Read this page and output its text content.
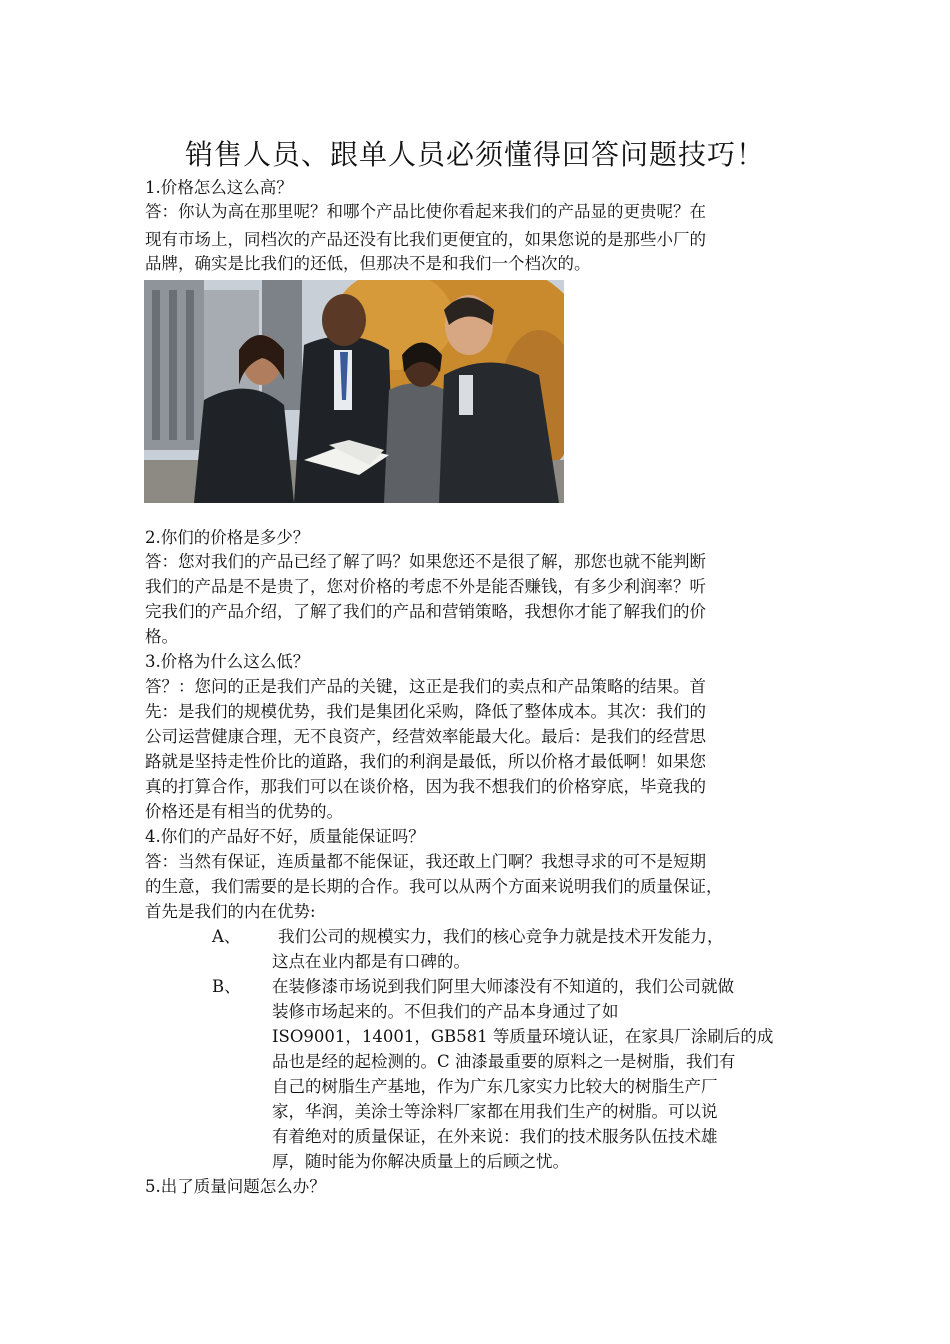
销售人员、跟单人员必须懂得回答问题技巧！
1.价格怎么这么高？
答：你认为高在那里呢？和哪个产品比使你看起来我们的产品显的更贵呢？在
现有市场上，同档次的产品还没有比我们更便宜的，如果您说的是那些小厂的
品牌，确实是比我们的还低，但那决不是和我们一个档次的。
2.你们的价格是多少？
答：您对我们的产品已经了解了吗？如果您还不是很了解，那您也就不能判断
我们的产品是不是贵了，您对价格的考虑不外是能否赚钱，有多少利润率？听
完我们的产品介绍，了解了我们的产品和营销策略，我想你才能了解我们的价
格。
3.价格为什么这么低？
答？：您问的正是我们产品的关键，这正是我们的卖点和产品策略的结果。首
先：是我们的规模优势，我们是集团化采购，降低了整体成本。其次：我们的
公司运营健康合理，无不良资产，经营效率能最大化。最后：是我们的经营思
路就是坚持走性价比的道路，我们的利润是最低，所以价格才最低啊！如果您
真的打算合作，那我们可以在谈价格，因为我不想我们的价格穿底，毕竟我的
价格还是有相当的优势的。
4.你们的产品好不好，质量能保证吗？
答：当然有保证，连质量都不能保证，我还敢上门啊？我想寻求的可不是短期
的生意，我们需要的是长期的合作。我可以从两个方面来说明我们的质量保证，
首先是我们的内在优势:
A、 我们公司的规模实力，我们的核心竞争力就是技术开发能力，
这点在业内都是有口碑的。
B、 在装修漆市场说到我们阿里大师漆没有不知道的，我们公司就做
装修市场起来的。不但我们的产品本身通过了如
ISO9001，14001，GB581 等质量环境认证，在家具厂涂刷后的成
品也是经的起检测的。C 油漆最重要的原料之一是树脂，我们有
自己的树脂生产基地，作为广东几家实力比较大的树脂生产厂
家，华润，美涂士等涂料厂家都在用我们生产的树脂。可以说
有着绝对的质量保证，在外来说：我们的技术服务队伍技术雄
厚，随时能为你解决质量上的后顾之忧。
5.出了质量问题怎么办？
